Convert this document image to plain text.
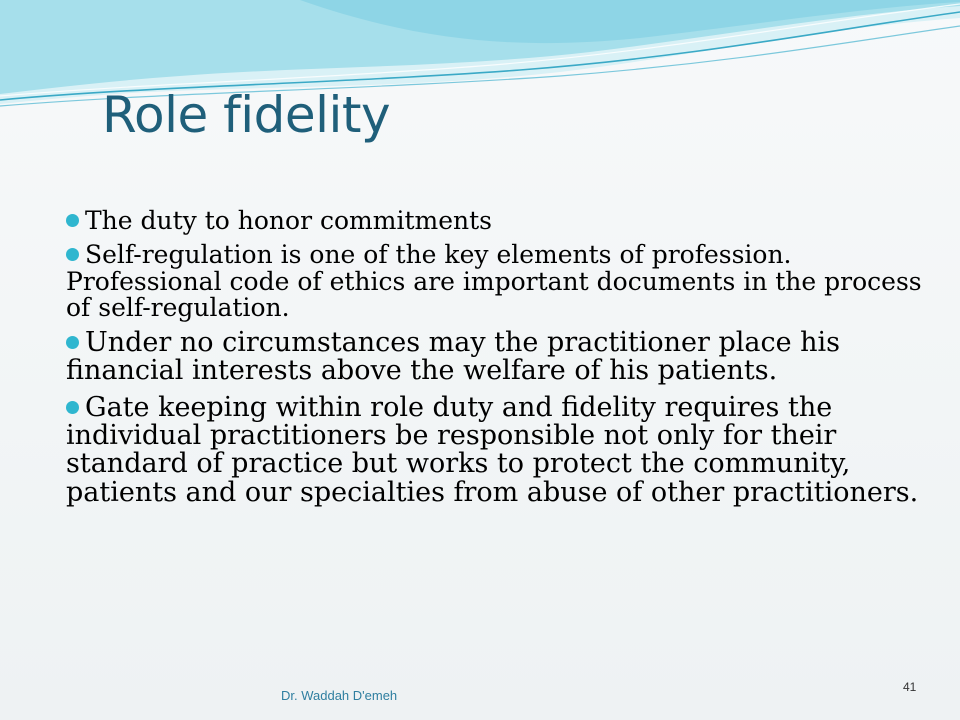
Role fidelity
The duty to honor commitments
Self-regulation is one of the key elements of profession. Professional code of ethics are important documents in the process of self-regulation.
Under no circumstances may the practitioner place his financial interests above the welfare of his patients.
Gate keeping within role duty and fidelity requires the individual practitioners be responsible not only for their standard of practice but works to protect the community, patients and our specialties from abuse of other practitioners.
Dr. Waddah D'emeh
41
